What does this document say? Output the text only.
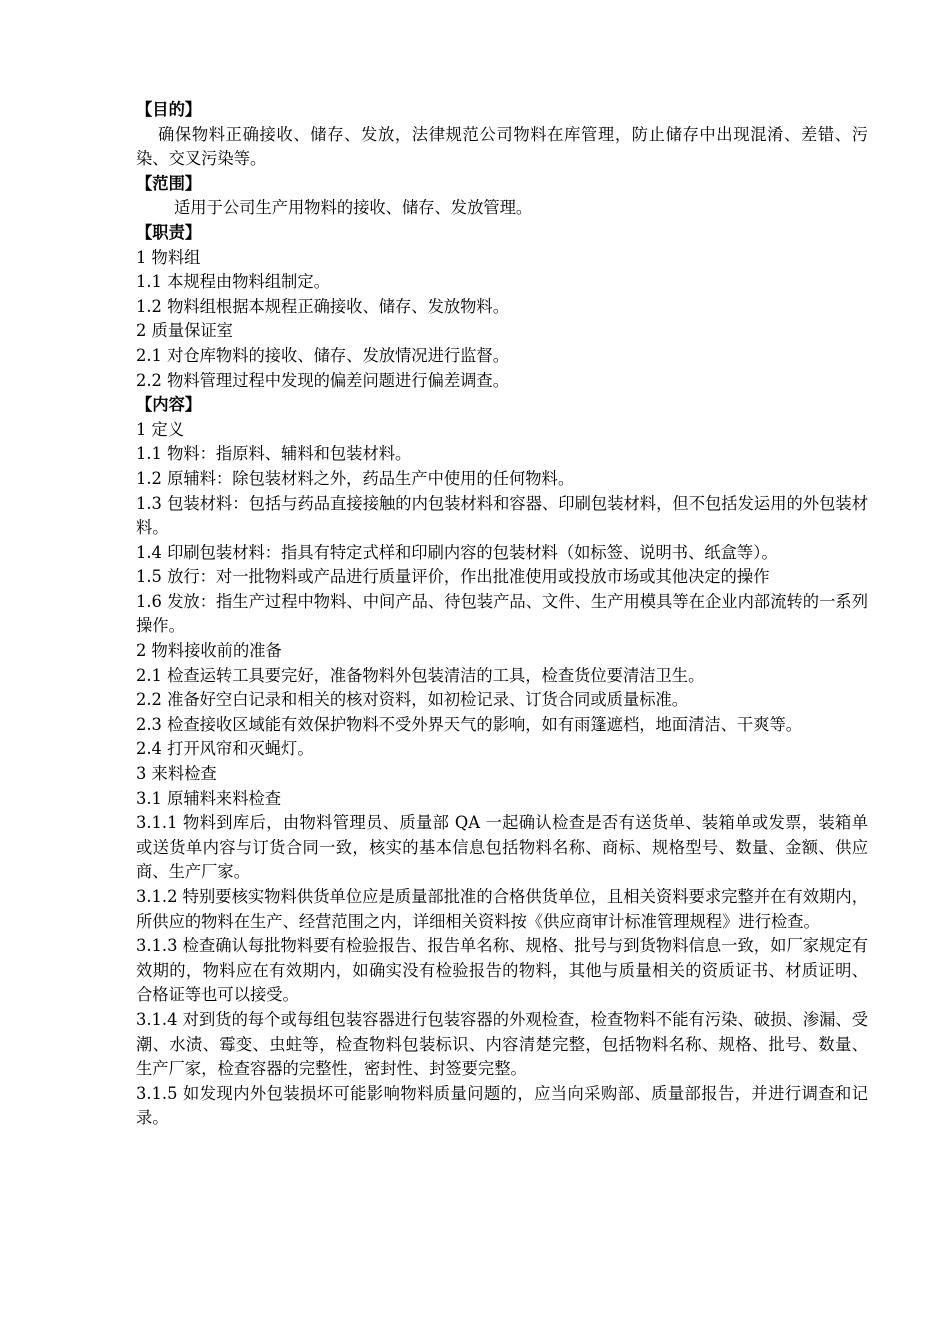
【目的】

确保物料正确接收、储存、发放，法律规范公司物料在库管理，防止储存中出现混淆、差错、污染、交叉污染等。

【范围】

适用于公司生产用物料的接收、储存、发放管理。

【职责】

1 物料组

1.1 本规程由物料组制定。

1.2 物料组根据本规程正确接收、储存、发放物料。

2 质量保证室

2.1 对仓库物料的接收、储存、发放情况进行监督。

2.2 物料管理过程中发现的偏差问题进行偏差调查。

【内容】

1 定义

1.1 物料：指原料、辅料和包装材料。

1.2 原辅料：除包装材料之外，药品生产中使用的任何物料。

1.3 包装材料：包括与药品直接接触的内包装材料和容器、印刷包装材料，但不包括发运用的外包装材料。

1.4 印刷包装材料：指具有特定式样和印刷内容的包装材料（如标签、说明书、纸盒等）。

1.5 放行：对一批物料或产品进行质量评价，作出批准使用或投放市场或其他决定的操作

1.6 发放：指生产过程中物料、中间产品、待包装产品、文件、生产用模具等在企业内部流转的一系列操作。

2 物料接收前的准备

2.1 检查运转工具要完好，准备物料外包装清洁的工具，检查货位要清洁卫生。

2.2 准备好空白记录和相关的核对资料，如初检记录、订货合同或质量标准。

2.3 检查接收区域能有效保护物料不受外界天气的影响，如有雨篷遮档，地面清洁、干爽等。

2.4 打开风帘和灭蝇灯。

3 来料检查

3.1 原辅料来料检查

3.1.1 物料到库后，由物料管理员、质量部 QA 一起确认检查是否有送货单、装箱单或发票，装箱单或送货单内容与订货合同一致，核实的基本信息包括物料名称、商标、规格型号、数量、金额、供应商、生产厂家。

3.1.2 特别要核实物料供货单位应是质量部批准的合格供货单位，且相关资料要求完整并在有效期内，所供应的物料在生产、经营范围之内，详细相关资料按《供应商审计标准管理规程》进行检查。

3.1.3 检查确认每批物料要有检验报告、报告单名称、规格、批号与到货物料信息一致，如厂家规定有效期的，物料应在有效期内，如确实没有检验报告的物料，其他与质量相关的资质证书、材质证明、合格证等也可以接受。

3.1.4 对到货的每个或每组包装容器进行包装容器的外观检查，检查物料不能有污染、破损、渗漏、受潮、水渍、霉变、虫蛀等，检查物料包装标识、内容清楚完整，包括物料名称、规格、批号、数量、生产厂家，检查容器的完整性，密封性、封签要完整。

3.1.5 如发现内外包装损坏可能影响物料质量问题的，应当向采购部、质量部报告，并进行调查和记录。
